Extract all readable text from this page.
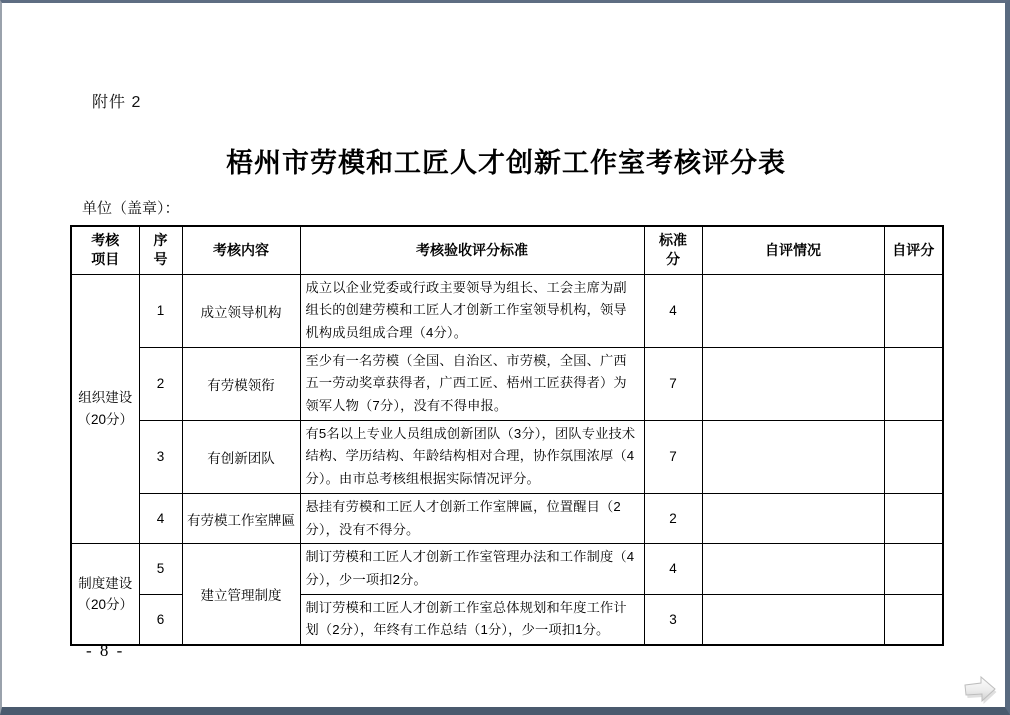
附件 2
梧州市劳模和工匠人才创新工作室考核评分表
单位（盖章）：
考核项目	序号	考核内容	考核验收评分标准	标准分	自评情况	自评分
组织建设（20分）	1	成立领导机构	成立以企业党委或行政主要领导为组长、工会主席为副组长的创建劳模和工匠人才创新工作室领导机构，领导机构成员组成合理（4分）。	4		
	2	有劳模领衔	至少有一名劳模（全国、自治区、市劳模，全国、广西五一劳动奖章获得者，广西工匠、梧州工匠获得者）为领军人物（7分），没有不得申报。	7		
	3	有创新团队	有5名以上专业人员组成创新团队（3分），团队专业技术结构、学历结构、年龄结构相对合理，协作氛围浓厚（4分）。由市总考核组根据实际情况评分。	7		
	4	有劳模工作室牌匾	悬挂有劳模和工匠人才创新工作室牌匾，位置醒目（2分），没有不得分。	2		
制度建设（20分）	5	建立管理制度	制订劳模和工匠人才创新工作室管理办法和工作制度（4分），少一项扣2分。	4		
	6		制订劳模和工匠人才创新工作室总体规划和年度工作计划（2分），年终有工作总结（1分），少一项扣1分。	3		
- 8 -
